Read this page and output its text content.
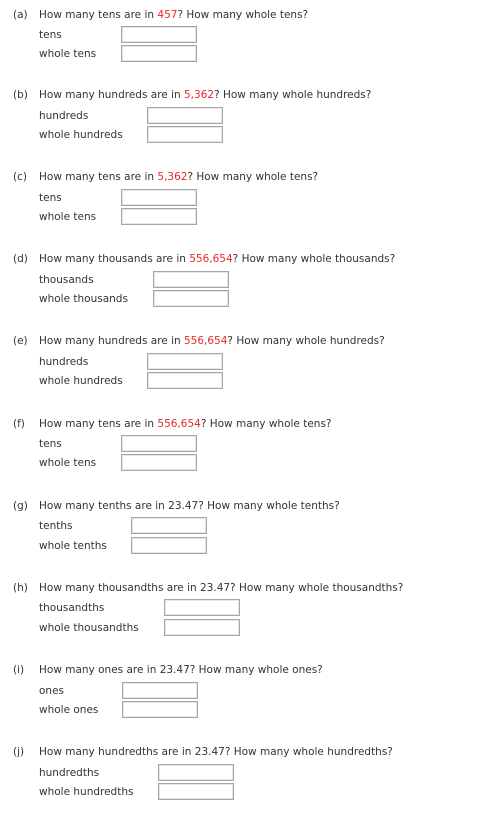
(a) How many tens are in 457? How many whole tens?
tens
whole tens
(b) How many hundreds are in 5,362? How many whole hundreds?
hundreds
whole hundreds
(c) How many tens are in 5,362? How many whole tens?
tens
whole tens
(d) How many thousands are in 556,654? How many whole thousands?
thousands
whole thousands
(e) How many hundreds are in 556,654? How many whole hundreds?
hundreds
whole hundreds
(f) How many tens are in 556,654? How many whole tens?
tens
whole tens
(g) How many tenths are in 23.47? How many whole tenths?
tenths
whole tenths
(h) How many thousandths are in 23.47? How many whole thousandths?
thousandths
whole thousandths
(i) How many ones are in 23.47? How many whole ones?
ones
whole ones
(j) How many hundredths are in 23.47? How many whole hundredths?
hundredths
whole hundredths
